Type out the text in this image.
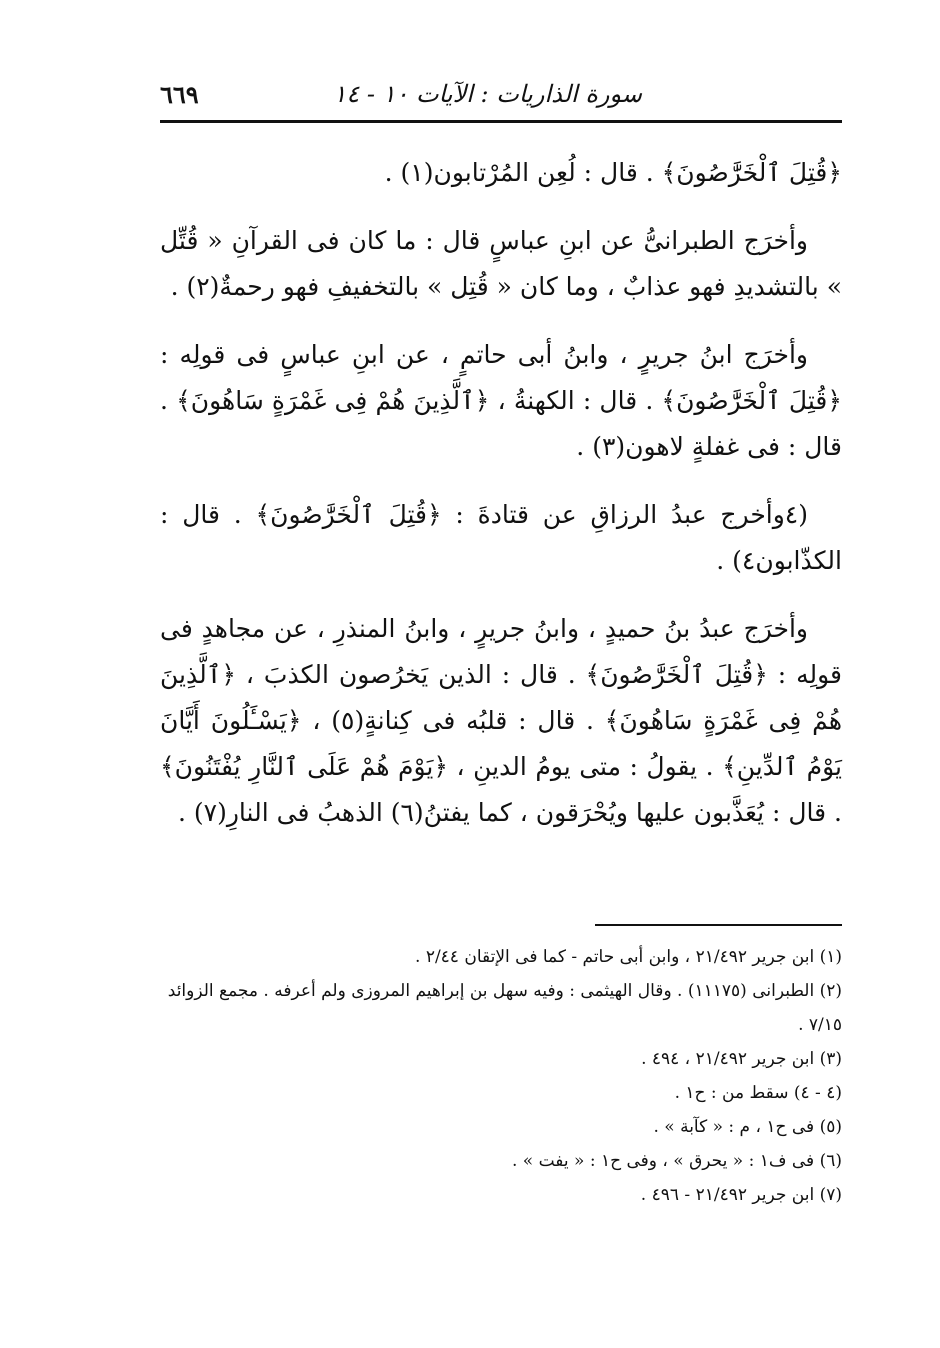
سورة الذاريات : الآيات ١٠ - ١٤
٦٦٩

﴿قُتِلَ ٱلْخَرَّٰصُونَ﴾ . قال : لُعِن المُرْتابون(١) .

وأخرَج الطبرانىُّ عن ابنِ عباسٍ قال : ما كان فى القرآنِ « قُتِّل » بالتشديدِ فهو عذابٌ ، وما كان « قُتِل » بالتخفيفِ فهو رحمةٌ(٢) .

وأخرَج ابنُ جريرٍ ، وابنُ أبى حاتمٍ ، عن ابنِ عباسٍ فى قولِه : ﴿قُتِلَ ٱلْخَرَّٰصُونَ﴾ . قال : الكهنةُ ، ﴿ٱلَّذِينَ هُمْ فِى غَمْرَةٍ سَاهُونَ﴾ . قال : فى غفلةٍ لاهون(٣) .

(٤وأخرج عبدُ الرزاقِ عن قتادةَ : ﴿قُتِلَ ٱلْخَرَّٰصُونَ﴾ . قال : الكذّابون٤) .

وأخرَج عبدُ بنُ حميدٍ ، وابنُ جريرٍ ، وابنُ المنذرِ ، عن مجاهدٍ فى قولِه : ﴿قُتِلَ ٱلْخَرَّٰصُونَ﴾ . قال : الذين يَخرُصون الكذبَ ، ﴿ٱلَّذِينَ هُمْ فِى غَمْرَةٍ سَاهُونَ﴾ . قال : قلبُه فى كِنانةٍ(٥) ، ﴿يَسْـَٔلُونَ أَيَّانَ يَوْمُ ٱلدِّينِ﴾ . يقولُ : متى يومُ الدينِ ، ﴿يَوْمَ هُمْ عَلَى ٱلنَّارِ يُفْتَنُونَ﴾ . قال : يُعَذَّبون عليها ويُحْرَقون ، كما يفتنُ(٦) الذهبُ فى النارِ(٧) .

(١) ابن جرير ٢١/٤٩٢ ، وابن أبى حاتم - كما فى الإتقان ٢/٤٤ .
(٢) الطبرانى (١١١٧٥) . وقال الهيثمى : وفيه سهل بن إبراهيم المروزى ولم أعرفه . مجمع الزوائد ٧/١٥ .
(٣) ابن جرير ٢١/٤٩٢ ، ٤٩٤ .
(٤ - ٤) سقط من : ح١ .
(٥) فى ح١ ، م : « كآبة » .
(٦) فى ف١ : « يحرق » ، وفى ح١ : « يفت » .
(٧) ابن جرير ٢١/٤٩٢ - ٤٩٦ .
